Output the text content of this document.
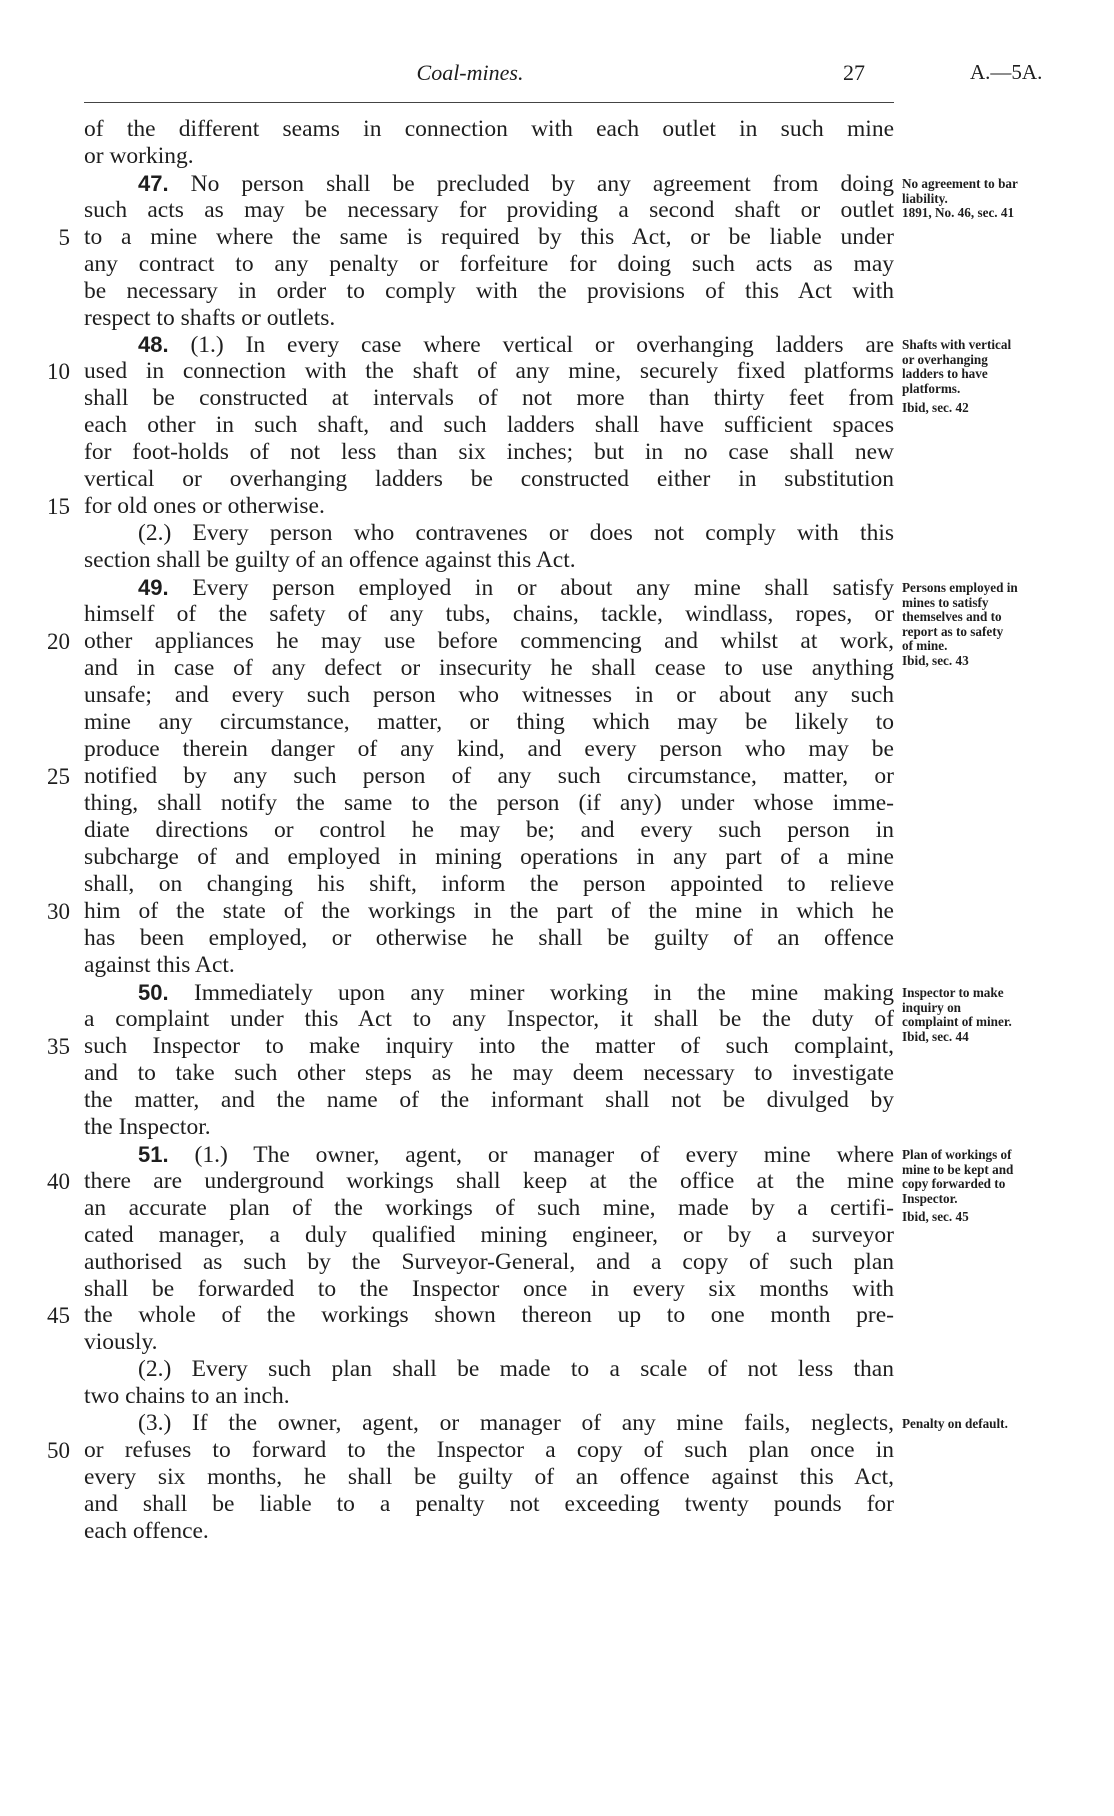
Coal-mines.	27	A.—5A.
5
10
15
20
25
30
35
40
45
50
of the different seams in connection with each outlet in such mine
or working.
47. No person shall be precluded by any agreement from doing
such acts as may be necessary for providing a second shaft or outlet
to a mine where the same is required by this Act, or be liable under
any contract to any penalty or forfeiture for doing such acts as may
be necessary in order to comply with the provisions of this Act with
respect to shafts or outlets.
48. (1.) In every case where vertical or overhanging ladders are
used in connection with the shaft of any mine, securely fixed platforms
shall be constructed at intervals of not more than thirty feet from
each other in such shaft, and such ladders shall have sufficient spaces
for foot-holds of not less than six inches; but in no case shall new
vertical or overhanging ladders be constructed either in substitution
for old ones or otherwise.
(2.) Every person who contravenes or does not comply with this
section shall be guilty of an offence against this Act.
49. Every person employed in or about any mine shall satisfy
himself of the safety of any tubs, chains, tackle, windlass, ropes, or
other appliances he may use before commencing and whilst at work,
and in case of any defect or insecurity he shall cease to use anything
unsafe; and every such person who witnesses in or about any such
mine any circumstance, matter, or thing which may be likely to
produce therein danger of any kind, and every person who may be
notified by any such person of any such circumstance, matter, or
thing, shall notify the same to the person (if any) under whose imme-
diate directions or control he may be; and every such person in
subcharge of and employed in mining operations in any part of a mine
shall, on changing his shift, inform the person appointed to relieve
him of the state of the workings in the part of the mine in which he
has been employed, or otherwise he shall be guilty of an offence
against this Act.
50. Immediately upon any miner working in the mine making
a complaint under this Act to any Inspector, it shall be the duty of
such Inspector to make inquiry into the matter of such complaint,
and to take such other steps as he may deem necessary to investigate
the matter, and the name of the informant shall not be divulged by
the Inspector.
51. (1.) The owner, agent, or manager of every mine where
there are underground workings shall keep at the office at the mine
an accurate plan of the workings of such mine, made by a certifi-
cated manager, a duly qualified mining engineer, or by a surveyor
authorised as such by the Surveyor-General, and a copy of such plan
shall be forwarded to the Inspector once in every six months with
the whole of the workings shown thereon up to one month pre-
viously.
(2.) Every such plan shall be made to a scale of not less than
two chains to an inch.
(3.) If the owner, agent, or manager of any mine fails, neglects,
or refuses to forward to the Inspector a copy of such plan once in
every six months, he shall be guilty of an offence against this Act,
and shall be liable to a penalty not exceeding twenty pounds for
each offence.
No agreement to bar
liability.
1891, No. 46, sec. 41
Shafts with vertical
or overhanging
ladders to have
platforms.
Ibid, sec. 42
Persons employed in
mines to satisfy
themselves and to
report as to safety
of mine.
Ibid, sec. 43
Inspector to make
inquiry on
complaint of miner.
Ibid, sec. 44
Plan of workings of
mine to be kept and
copy forwarded to
Inspector.
Ibid, sec. 45
Penalty on default.
